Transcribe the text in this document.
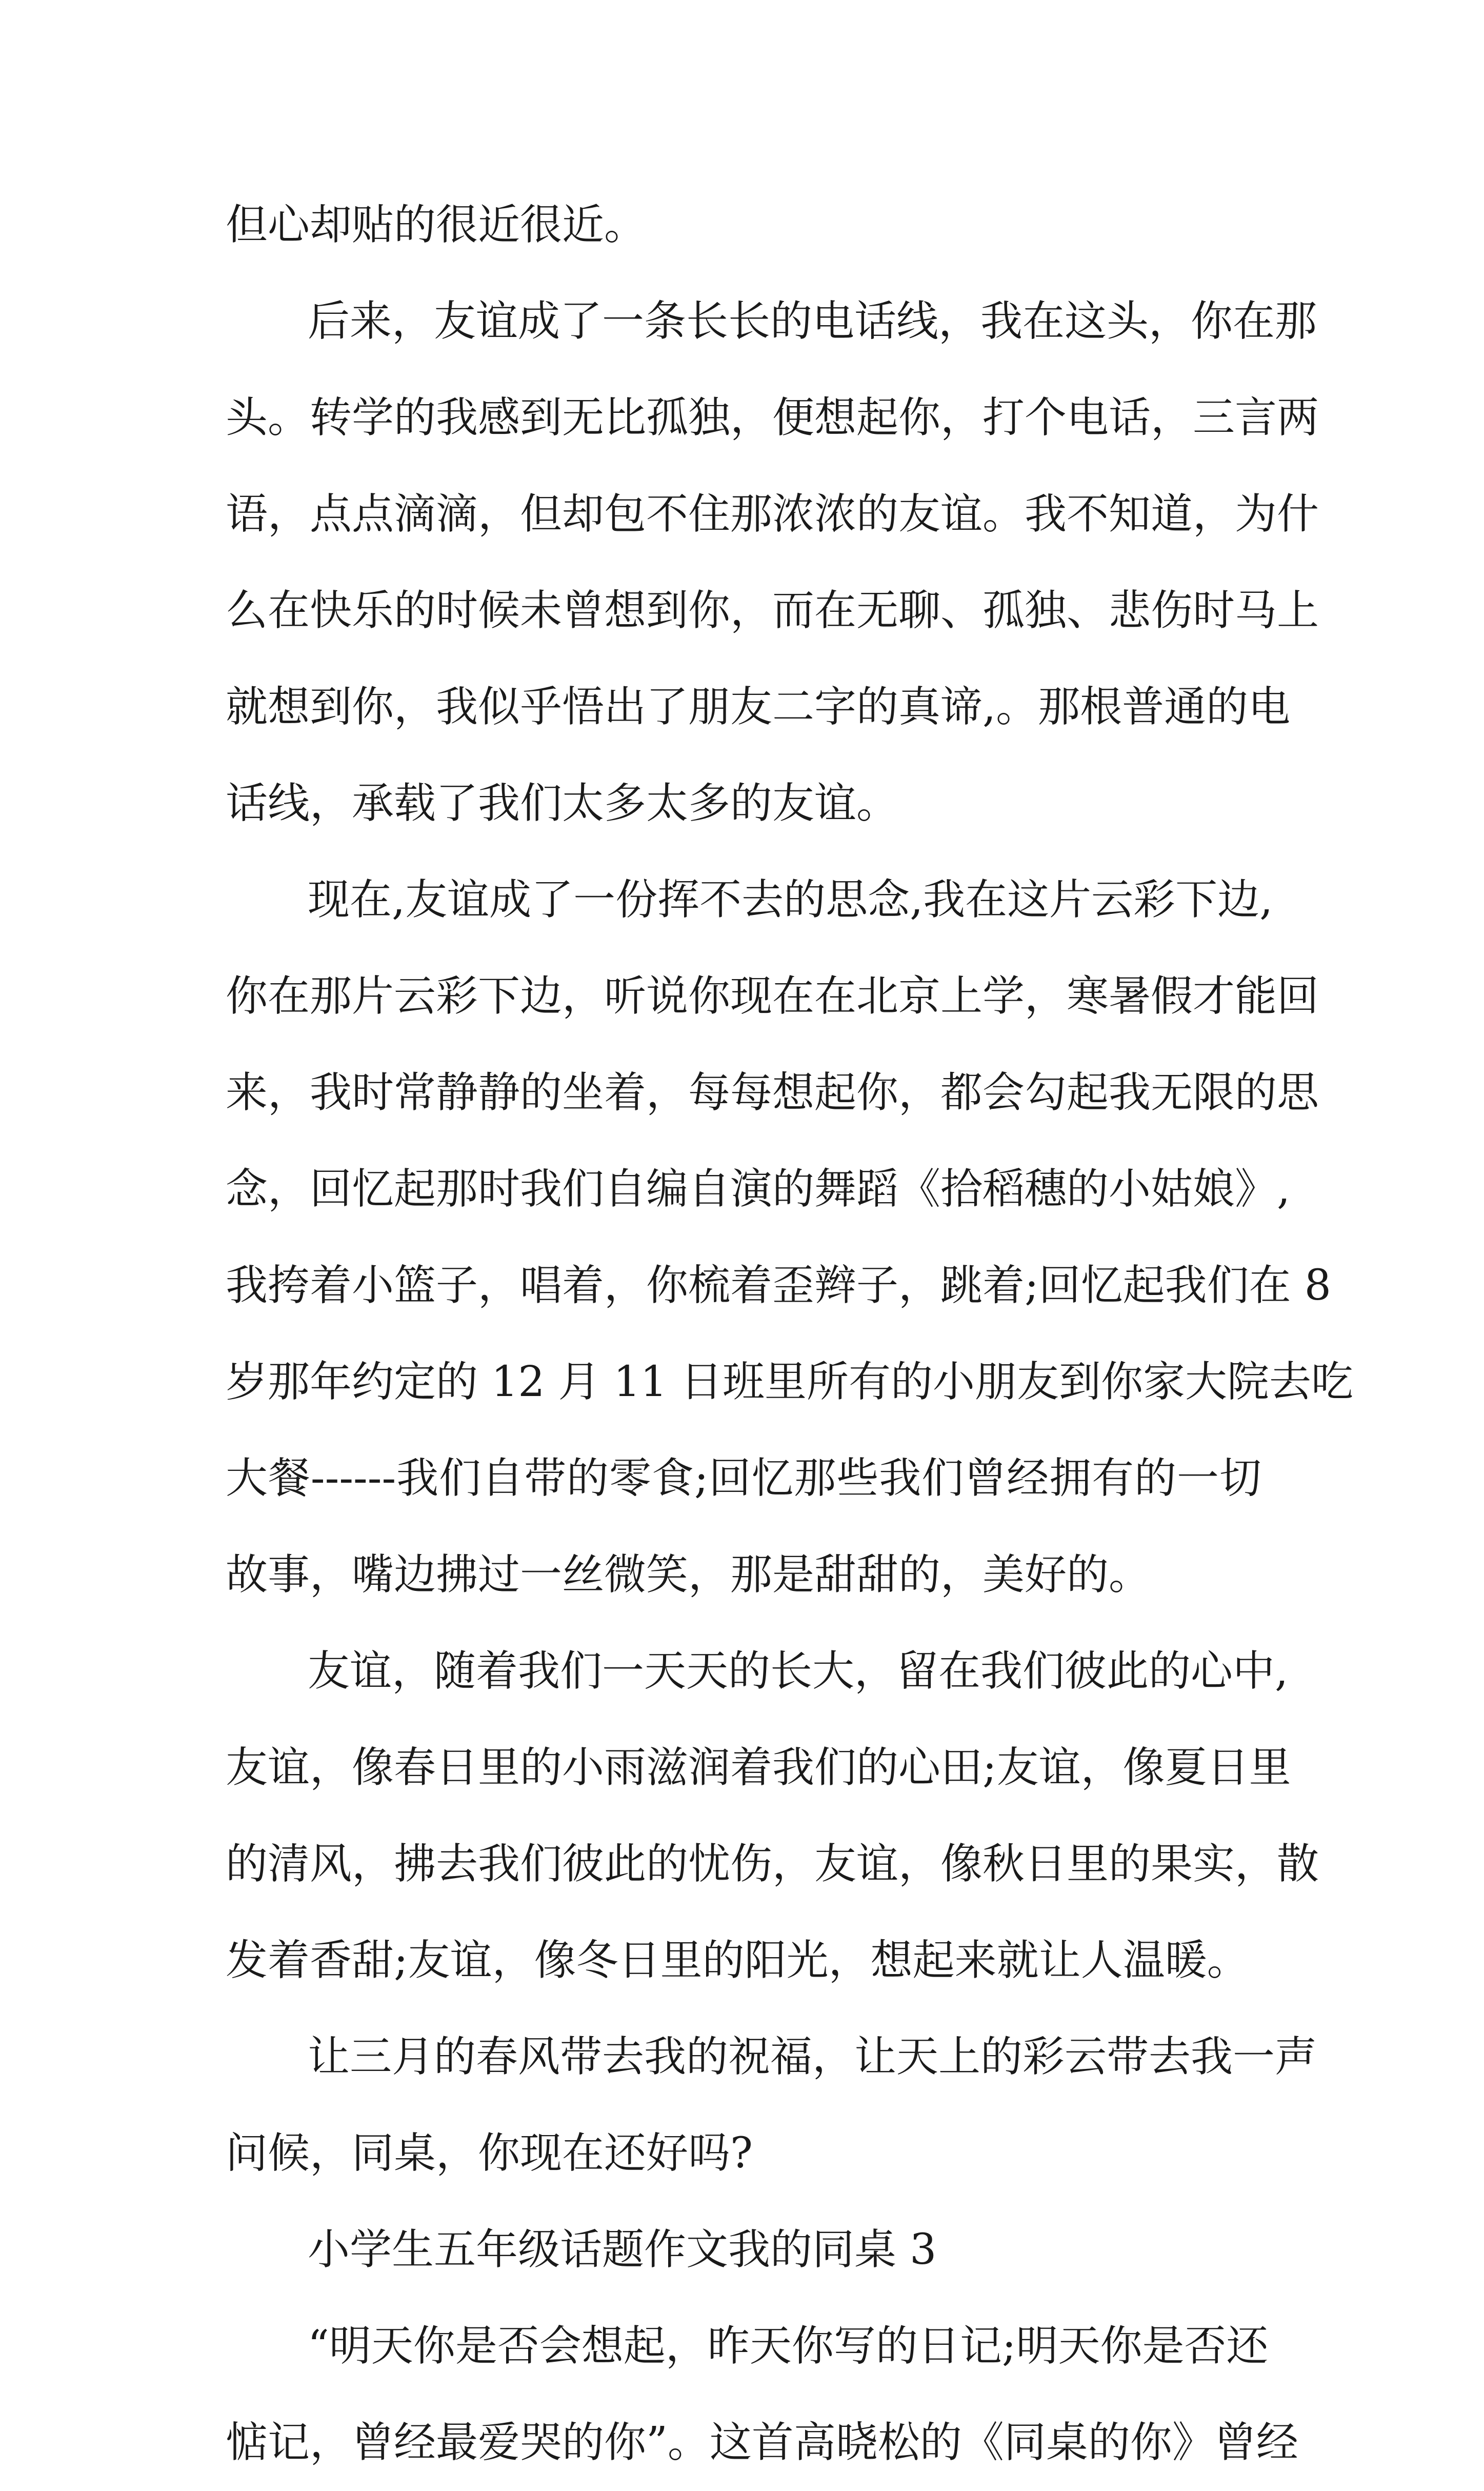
但心却贴的很近很近。
后来，友谊成了一条长长的电话线，我在这头，你在那
头。转学的我感到无比孤独，便想起你，打个电话，三言两
语，点点滴滴，但却包不住那浓浓的友谊。我不知道，为什
么在快乐的时候未曾想到你，而在无聊、孤独、悲伤时马上
就想到你，我似乎悟出了朋友二字的真谛,。那根普通的电
话线，承载了我们太多太多的友谊。
现在,友谊成了一份挥不去的思念,我在这片云彩下边,
你在那片云彩下边，听说你现在在北京上学，寒暑假才能回
来，我时常静静的坐着，每每想起你，都会勾起我无限的思
念，回忆起那时我们自编自演的舞蹈《拾稻穗的小姑娘》,
我挎着小篮子，唱着，你梳着歪辫子，跳着;回忆起我们在 8
岁那年约定的 12 月 11 日班里所有的小朋友到你家大院去吃
大餐------我们自带的零食;回忆那些我们曾经拥有的一切
故事，嘴边拂过一丝微笑，那是甜甜的，美好的。
友谊，随着我们一天天的长大，留在我们彼此的心中,
友谊，像春日里的小雨滋润着我们的心田;友谊，像夏日里
的清风，拂去我们彼此的忧伤，友谊，像秋日里的果实，散
发着香甜;友谊，像冬日里的阳光，想起来就让人温暖。
让三月的春风带去我的祝福，让天上的彩云带去我一声
问候，同桌，你现在还好吗?
小学生五年级话题作文我的同桌 3
“明天你是否会想起，昨天你写的日记;明天你是否还
惦记，曾经最爱哭的你”。这首高晓松的《同桌的你》曾经
